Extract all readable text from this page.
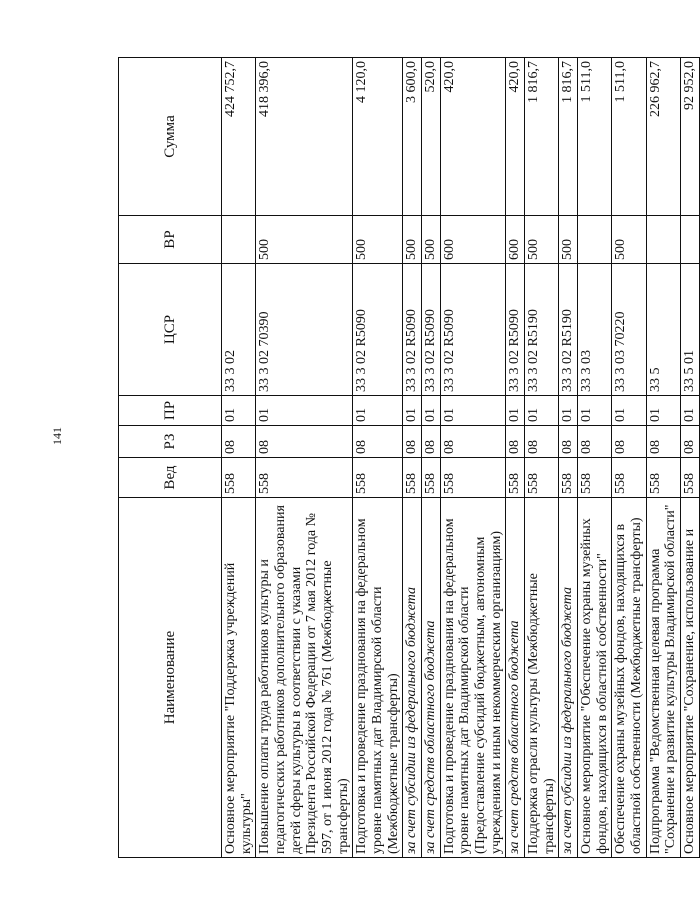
141
Наименование	Вед	РЗ	ПР	ЦСР	ВР	Сумма
Основное мероприятие "Поддержка учреждений культуры"	558	08	01	33 3 02		424 752,7
Повышение оплаты труда работников культуры и педагогических работников дополнительного образования детей сферы культуры в соответствии с указами Президента Российской Федерации от 7 мая 2012 года № 597, от 1 июня 2012 года № 761 (Межбюджетные трансферты)	558	08	01	33 3 02 70390	500	418 396,0
Подготовка и проведение празднования на федеральном уровне памятных дат Владимирской области (Межбюджетные трансферты)	558	08	01	33 3 02 R5090	500	4 120,0
за счет субсидии из федерального бюджета	558	08	01	33 3 02 R5090	500	3 600,0
за счет средств областного бюджета	558	08	01	33 3 02 R5090	500	520,0
Подготовка и проведение празднования на федеральном уровне памятных дат Владимирской области (Предоставление субсидий бюджетным, автономным учреждениям и иным некоммерческим организациям)	558	08	01	33 3 02 R5090	600	420,0
за счет средств областного бюджета	558	08	01	33 3 02 R5090	600	420,0
Поддержка отрасли культуры (Межбюджетные трансферты)	558	08	01	33 3 02 R5190	500	1 816,7
за счет субсидии из федерального бюджета	558	08	01	33 3 02 R5190	500	1 816,7
Основное мероприятие "Обеспечение охраны музейных фондов, находящихся в областной собственности"	558	08	01	33 3 03		1 511,0
Обеспечение охраны музейных фондов, находящихся в областной собственности (Межбюджетные трансферты)	558	08	01	33 3 03 70220	500	1 511,0
Подпрограмма "Ведомственная целевая программа "Сохранение и развитие культуры Владимирской области"	558	08	01	33 5		226 962,7
Основное мероприятие "Сохранение, использование и	558	08	01	33 5 01		92 952,0
